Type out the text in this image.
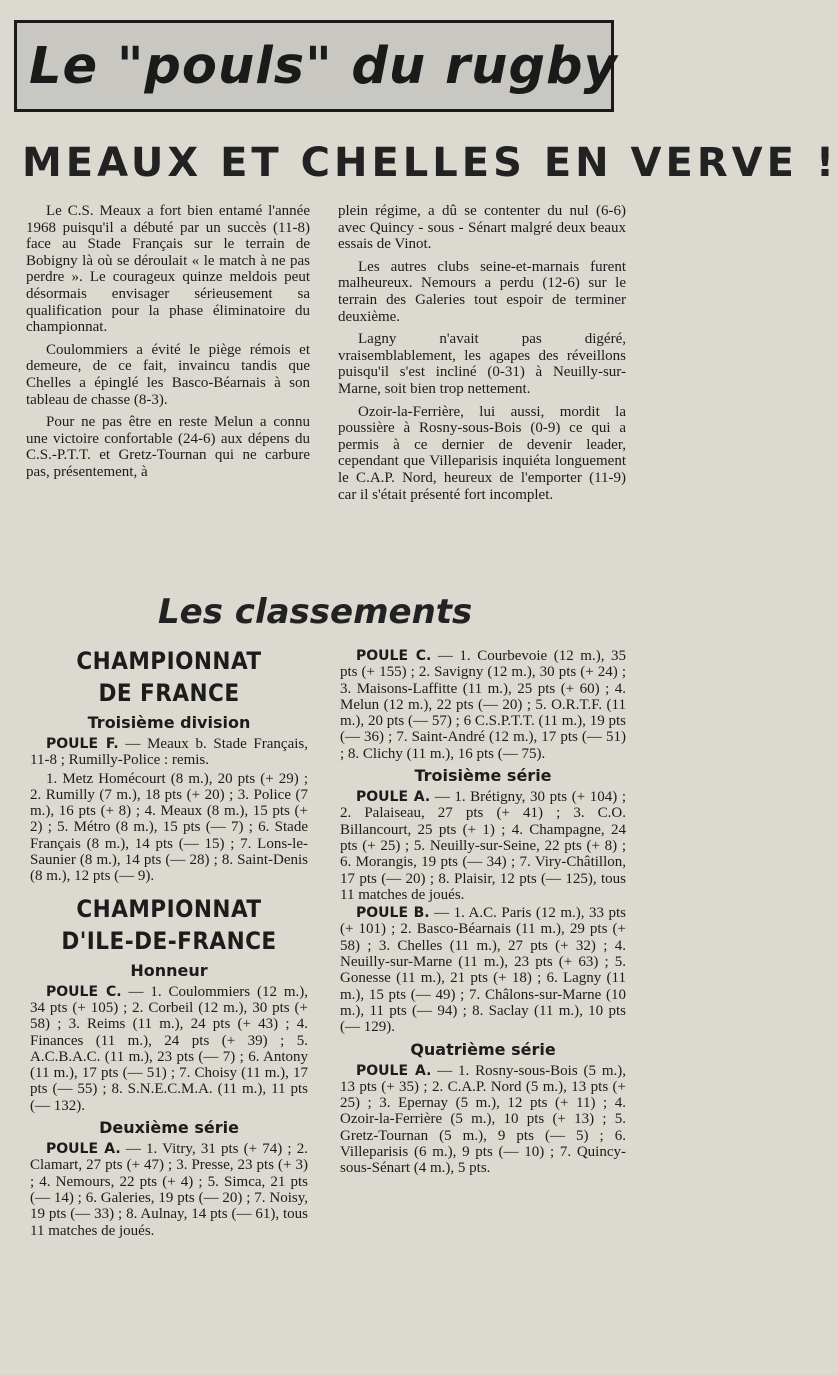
Le "pouls" du rugby
MEAUX ET CHELLES EN VERVE !

Le C.S. Meaux a fort bien entamé l'année 1968 puisqu'il a débuté par un succès (11-8) face au Stade Français sur le terrain de Bobigny là où se déroulait « le match à ne pas perdre ». Le courageux quinze meldois peut désormais envisager sérieusement sa qualification pour la phase éliminatoire du championnat.

Coulommiers a évité le piège rémois et demeure, de ce fait, invaincu tandis que Chelles a épinglé les Basco-Béarnais à son tableau de chasse (8-3).

Pour ne pas être en reste Melun a connu une victoire confortable (24-6) aux dépens du C.S.-P.T.T. et Gretz-Tournan qui ne carbure pas, présentement, à

plein régime, a dû se contenter du nul (6-6) avec Quincy - sous - Sénart malgré deux beaux essais de Vinot.

Les autres clubs seine-et-marnais furent malheureux. Nemours a perdu (12-6) sur le terrain des Galeries tout espoir de terminer deuxième.

Lagny n'avait pas digéré, vraisemblablement, les agapes des réveillons puisqu'il s'est incliné (0-31) à Neuilly-sur-Marne, soit bien trop nettement.

Ozoir-la-Ferrière, lui aussi, mordit la poussière à Rosny-sous-Bois (0-9) ce qui a permis à ce dernier de devenir leader, cependant que Villeparisis inquiéta longuement le C.A.P. Nord, heureux de l'emporter (11-9) car il s'était présenté fort incomplet.

Les classements
CHAMPIONNAT
DE FRANCE
Troisième division

POULE F. — Meaux b. Stade Français, 11-8 ; Rumilly-Police : remis.

1. Metz Homécourt (8 m.), 20 pts (+ 29) ; 2. Rumilly (7 m.), 18 pts (+ 20) ; 3. Police (7 m.), 16 pts (+ 8) ; 4. Meaux (8 m.), 15 pts (+ 2) ; 5. Métro (8 m.), 15 pts (— 7) ; 6. Stade Français (8 m.), 14 pts (— 15) ; 7. Lons-le-Saunier (8 m.), 14 pts (— 28) ; 8. Saint-Denis (8 m.), 12 pts (— 9).

CHAMPIONNAT
D'ILE-DE-FRANCE
Honneur

POULE C. — 1. Coulommiers (12 m.), 34 pts (+ 105) ; 2. Corbeil (12 m.), 30 pts (+ 58) ; 3. Reims (11 m.), 24 pts (+ 43) ; 4. Finances (11 m.), 24 pts (+ 39) ; 5. A.C.B.A.C. (11 m.), 23 pts (— 7) ; 6. Antony (11 m.), 17 pts (— 51) ; 7. Choisy (11 m.), 17 pts (— 55) ; 8. S.N.E.C.M.A. (11 m.), 11 pts (— 132).

Deuxième série

POULE A. — 1. Vitry, 31 pts (+ 74) ; 2. Clamart, 27 pts (+ 47) ; 3. Presse, 23 pts (+ 3) ; 4. Nemours, 22 pts (+ 4) ; 5. Simca, 21 pts (— 14) ; 6. Galeries, 19 pts (— 20) ; 7. Noisy, 19 pts (— 33) ; 8. Aulnay, 14 pts (— 61), tous 11 matches de joués.

POULE C. — 1. Courbevoie (12 m.), 35 pts (+ 155) ; 2. Savigny (12 m.), 30 pts (+ 24) ; 3. Maisons-Laffitte (11 m.), 25 pts (+ 60) ; 4. Melun (12 m.), 22 pts (— 20) ; 5. O.R.T.F. (11 m.), 20 pts (— 57) ; 6 C.S.P.T.T. (11 m.), 19 pts (— 36) ; 7. Saint-André (12 m.), 17 pts (— 51) ; 8. Clichy (11 m.), 16 pts (— 75).

Troisième série

POULE A. — 1. Brétigny, 30 pts (+ 104) ; 2. Palaiseau, 27 pts (+ 41) ; 3. C.O. Billancourt, 25 pts (+ 1) ; 4. Champagne, 24 pts (+ 25) ; 5. Neuilly-sur-Seine, 22 pts (+ 8) ; 6. Morangis, 19 pts (— 34) ; 7. Viry-Châtillon, 17 pts (— 20) ; 8. Plaisir, 12 pts (— 125), tous 11 matches de joués.

POULE B. — 1. A.C. Paris (12 m.), 33 pts (+ 101) ; 2. Basco-Béarnais (11 m.), 29 pts (+ 58) ; 3. Chelles (11 m.), 27 pts (+ 32) ; 4. Neuilly-sur-Marne (11 m.), 23 pts (+ 63) ; 5. Gonesse (11 m.), 21 pts (+ 18) ; 6. Lagny (11 m.), 15 pts (— 49) ; 7. Châlons-sur-Marne (10 m.), 11 pts (— 94) ; 8. Saclay (11 m.), 10 pts (— 129).

Quatrième série

POULE A. — 1. Rosny-sous-Bois (5 m.), 13 pts (+ 35) ; 2. C.A.P. Nord (5 m.), 13 pts (+ 25) ; 3. Epernay (5 m.), 12 pts (+ 11) ; 4. Ozoir-la-Ferrière (5 m.), 10 pts (+ 13) ; 5. Gretz-Tournan (5 m.), 9 pts (— 5) ; 6. Villeparisis (6 m.), 9 pts (— 10) ; 7. Quincy-sous-Sénart (4 m.), 5 pts.
